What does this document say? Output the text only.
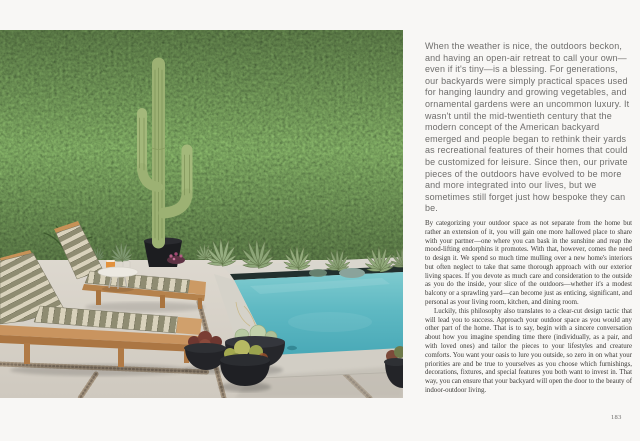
When the weather is nice, the outdoors beckon, and having an open-air retreat to call your own—even if it's tiny—is a blessing. For generations, our backyards were simply practical spaces used for hanging laundry and growing vegetables, and ornamental gardens were an uncommon luxury. It wasn't until the mid-twentieth century that the modern concept of the American backyard emerged and people began to rethink their yards as recreational features of their homes that could be customized for leisure. Since then, our private pieces of the outdoors have evolved to be more and more integrated into our lives, but we sometimes still forget just how bespoke they can be.

By categorizing your outdoor space as not separate from the home but rather an extension of it, you will gain one more hallowed place to share with your partner—one where you can bask in the sunshine and reap the mood-lifting endorphins it promotes. With that, however, comes the need to design it. We spend so much time mulling over a new home's interiors but often neglect to take that same thorough approach with our exterior living spaces. If you devote as much care and consideration to the outside as you do the inside, your slice of the outdoors—whether it's a modest balcony or a sprawling yard—can become just as enticing, significant, and personal as your living room, kitchen, and dining room.

Luckily, this philosophy also translates to a clear-cut design tactic that will lead you to success. Approach your outdoor space as you would any other part of the home. That is to say, begin with a sincere conversation about how you imagine spending time there (individually, as a pair, and with loved ones) and tailor the pieces to your lifestyles and creature comforts. You want your oasis to lure you outside, so zero in on what your priorities are and be true to yourselves as you choose which furnishings, decorations, fixtures, and special features you both want to invest in. That way, you can ensure that your backyard will open the door to the beauty of indoor-outdoor living.

183
